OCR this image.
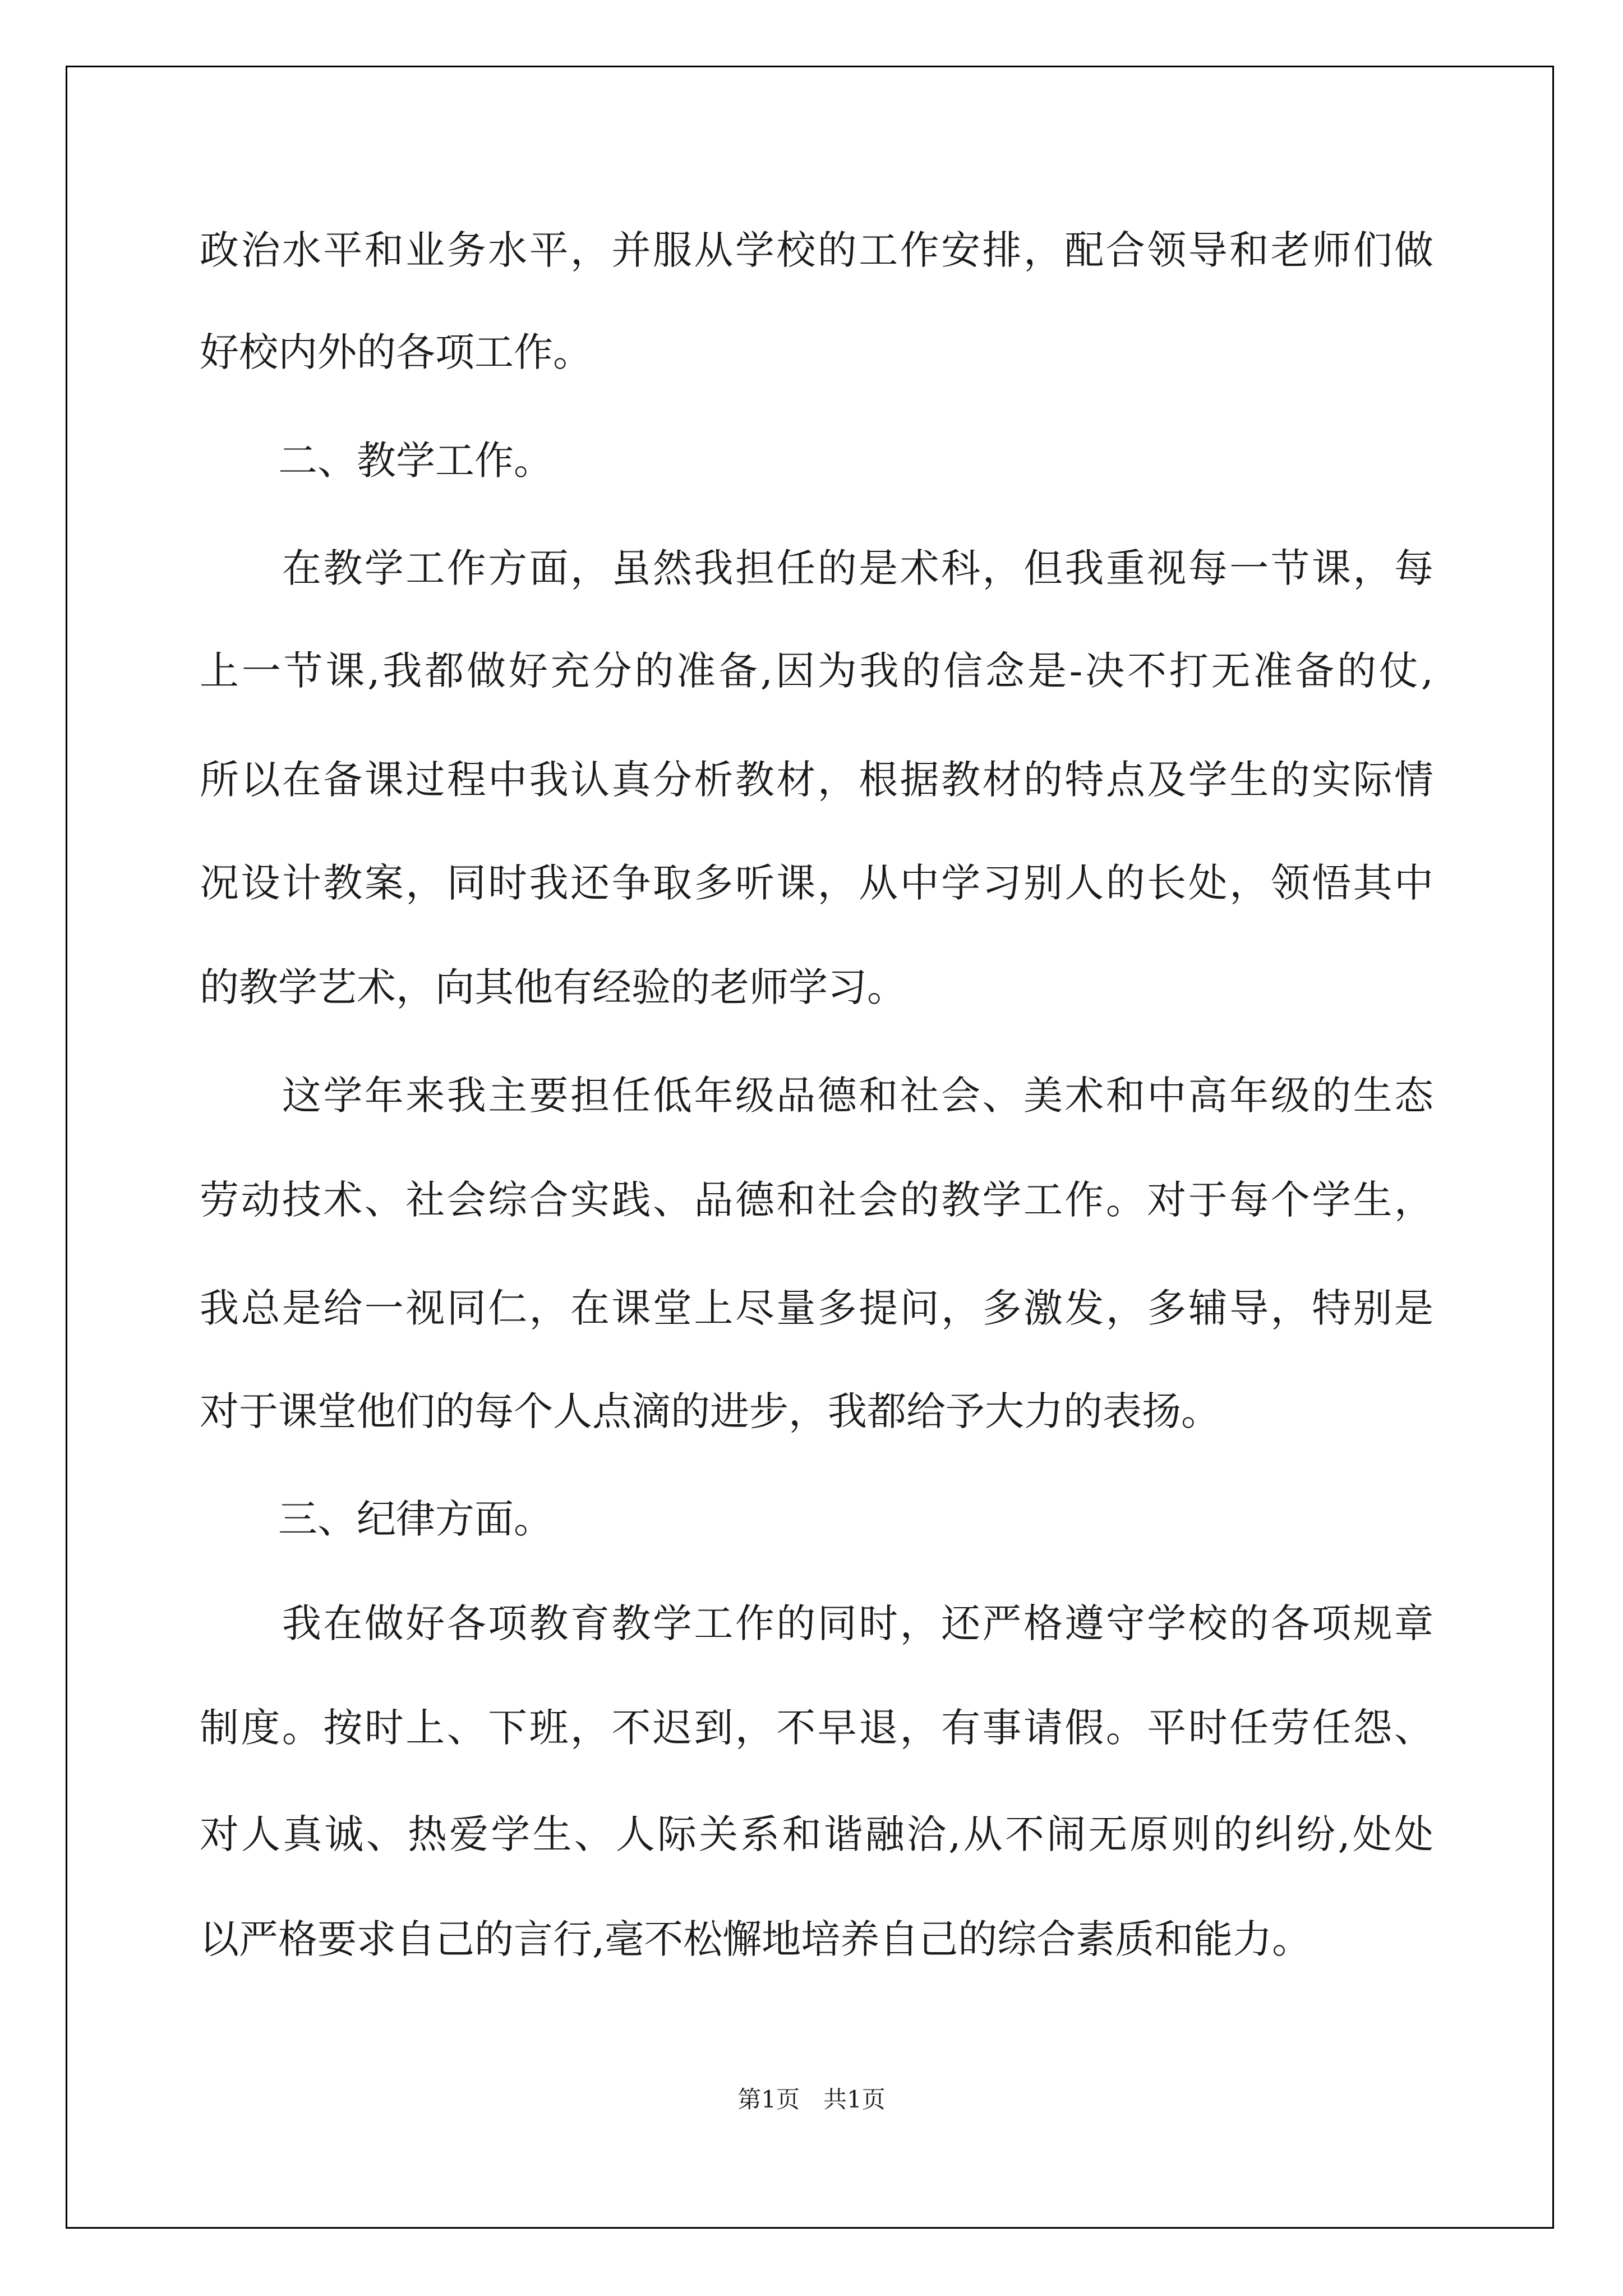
政治水平和业务水平，并服从学校的工作安排，配合领导和老师们做
好校内外的各项工作。
　　二、教学工作。
　　在教学工作方面，虽然我担任的是术科，但我重视每一节课，每
上一节课,我都做好充分的准备,因为我的信念是-决不打无准备的仗,
所以在备课过程中我认真分析教材，根据教材的特点及学生的实际情
况设计教案，同时我还争取多听课，从中学习别人的长处，领悟其中
的教学艺术，向其他有经验的老师学习。
　　这学年来我主要担任低年级品德和社会、美术和中高年级的生态
劳动技术、社会综合实践、品德和社会的教学工作。对于每个学生，
我总是给一视同仁，在课堂上尽量多提问，多激发，多辅导，特别是
对于课堂他们的每个人点滴的进步，我都给予大力的表扬。
　　三、纪律方面。
　　我在做好各项教育教学工作的同时，还严格遵守学校的各项规章
制度。按时上、下班，不迟到，不早退，有事请假。平时任劳任怨、
对人真诚、热爱学生、人际关系和谐融洽,从不闹无原则的纠纷,处处
以严格要求自己的言行,毫不松懈地培养自己的综合素质和能力。
第1页　共1页
